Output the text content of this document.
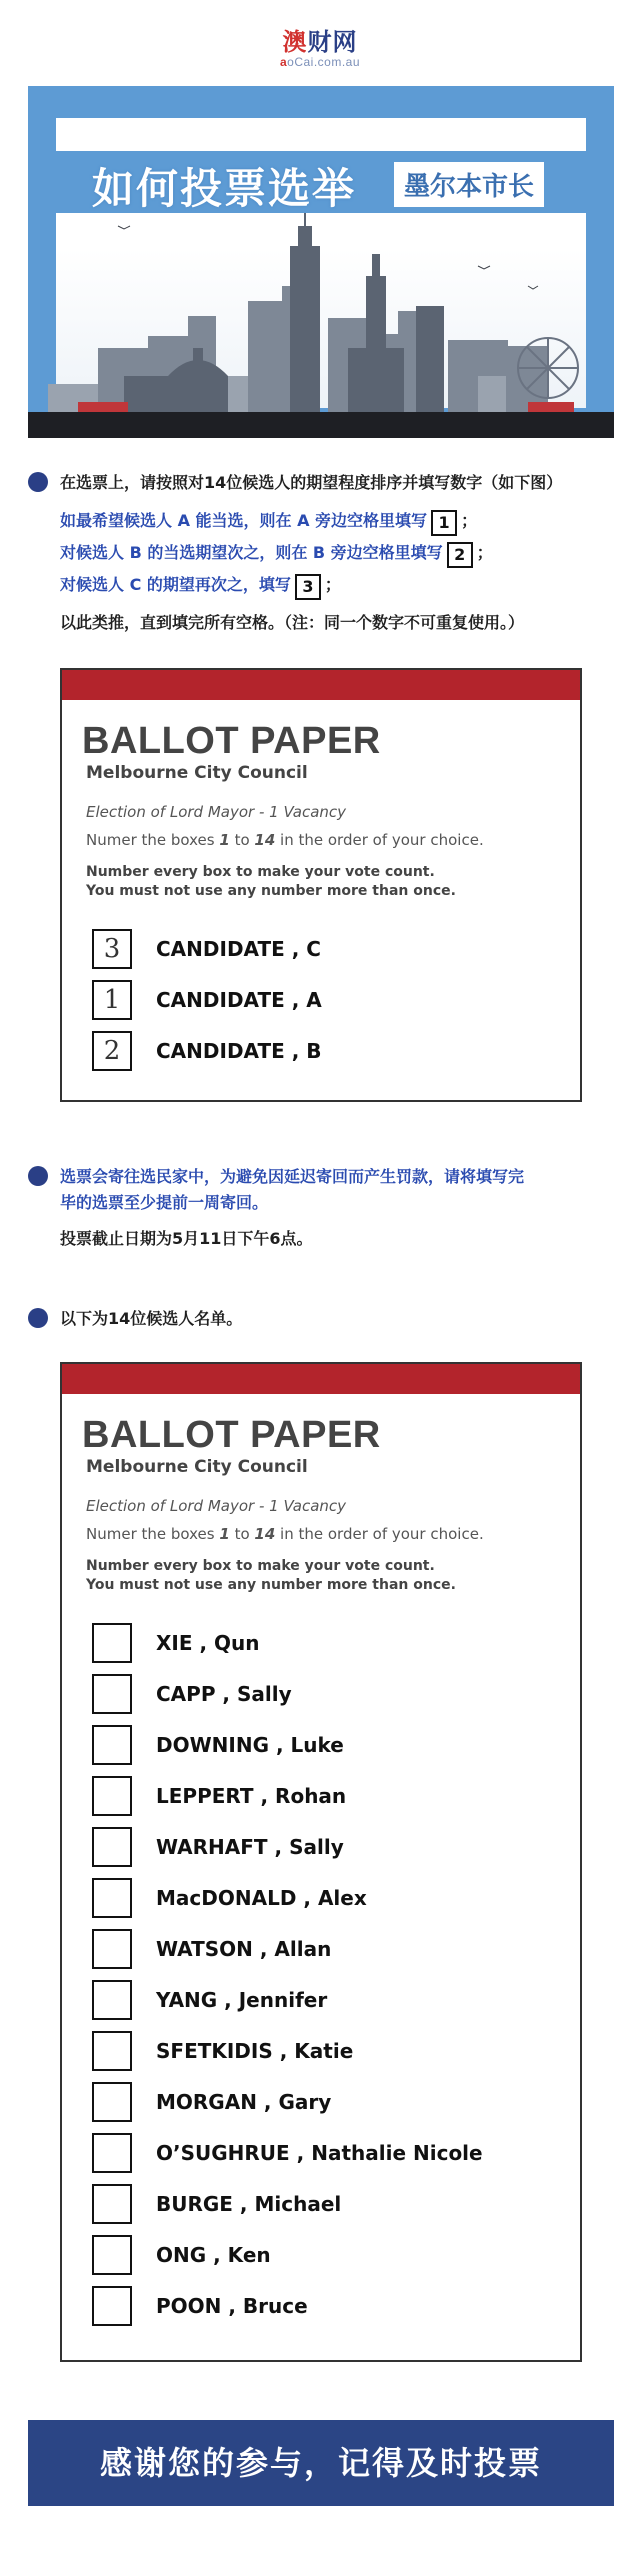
澳财网
aoCai.com.au
如何投票选举	墨尔本市长
在选票上，请按照对14位候选人的期望程度排序并填写数字（如下图）
如最希望候选人 A 能当选，则在 A 旁边空格里填写 1 ；
对候选人 B 的当选期望次之，则在 B 旁边空格里填写 2 ；
对候选人 C 的期望再次之，填写 3 ；
以此类推，直到填完所有空格。（注：同一个数字不可重复使用。）
BALLOT PAPER
Melbourne City Council
Election of Lord Mayor - 1 Vacancy
Numer the boxes 1 to 14 in the order of your choice.
Number every box to make your vote count.
You must not use any number more than once.
3	CANDIDATE , C
1	CANDIDATE , A
2	CANDIDATE , B
选票会寄往选民家中，为避免因延迟寄回而产生罚款，请将填写完
毕的选票至少提前一周寄回。
投票截止日期为5月11日下午6点。
以下为14位候选人名单。
BALLOT PAPER
Melbourne City Council
Election of Lord Mayor - 1 Vacancy
Numer the boxes 1 to 14 in the order of your choice.
Number every box to make your vote count.
You must not use any number more than once.
XIE , Qun
CAPP , Sally
DOWNING , Luke
LEPPERT , Rohan
WARHAFT , Sally
MacDONALD , Alex
WATSON , Allan
YANG , Jennifer
SFETKIDIS , Katie
MORGAN , Gary
O’SUGHRUE , Nathalie Nicole
BURGE , Michael
ONG , Ken
POON , Bruce
感谢您的参与，记得及时投票
